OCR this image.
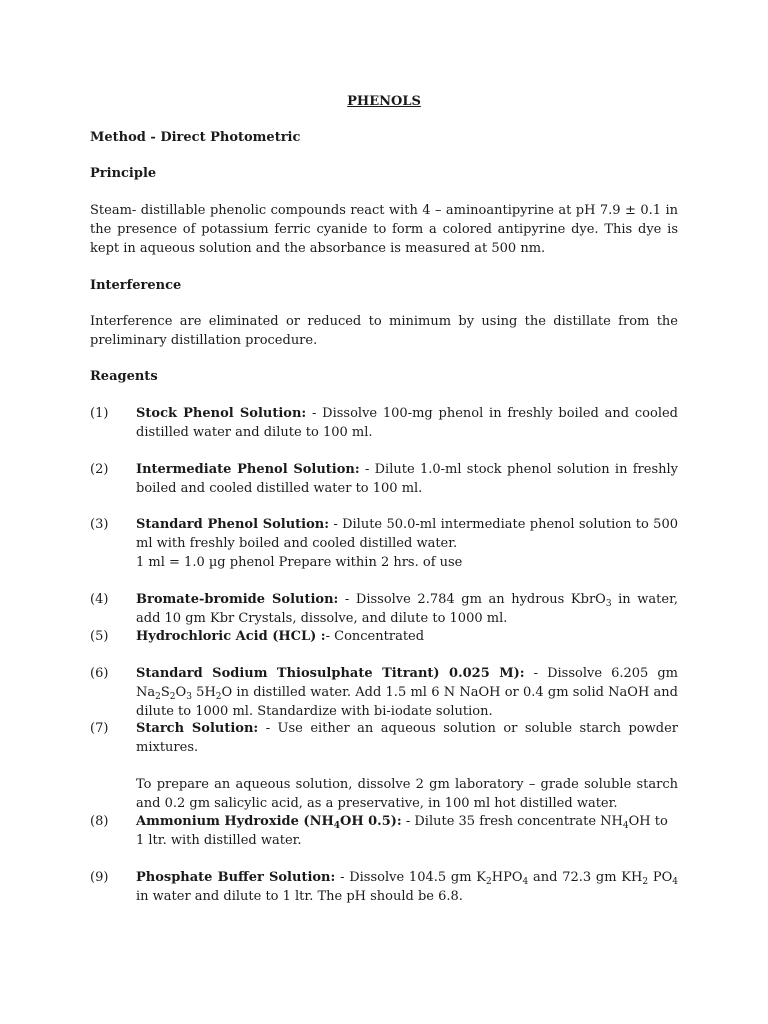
PHENOLS

Method - Direct Photometric

Principle

Steam- distillable phenolic compounds react with 4 – aminoantipyrine at pH 7.9 ± 0.1 in the presence of potassium ferric cyanide to form a colored antipyrine dye. This dye is kept in aqueous solution and the absorbance is measured at 500 nm.

Interference

Interference are eliminated or reduced to minimum by using the distillate from the preliminary distillation procedure.

Reagents

(1) Stock Phenol Solution: - Dissolve 100-mg phenol in freshly boiled and cooled distilled water and dilute to 100 ml.

(2) Intermediate Phenol Solution: - Dilute 1.0-ml stock phenol solution in freshly boiled and cooled distilled water to 100 ml.

(3) Standard Phenol Solution: - Dilute 50.0-ml intermediate phenol solution to 500 ml with freshly boiled and cooled distilled water.

1 ml = 1.0 µg phenol Prepare within 2 hrs. of use

(4) Bromate-bromide Solution: - Dissolve 2.784 gm an hydrous KbrO$_3$ in water, add 10 gm Kbr Crystals, dissolve, and dilute to 1000 ml.

(5) Hydrochloric Acid (HCL) :- Concentrated

(6) Standard Sodium Thiosulphate Titrant) 0.025 M): - Dissolve 6.205 gm $Na_2S_2O_3$ $5H_2O$ in distilled water. Add 1.5 ml 6 N NaOH or 0.4 gm solid NaOH and dilute to 1000 ml. Standardize with bi-iodate solution.

(7) Starch Solution: - Use either an aqueous solution or soluble starch powder mixtures.

To prepare an aqueous solution, dissolve 2 gm laboratory – grade soluble starch and 0.2 gm salicylic acid, as a preservative, in 100 ml hot distilled water.

(8) Ammonium Hydroxide ($NH_4OH$ 0.5): - Dilute 35 fresh concentrate $NH_4OH$ to 1 ltr. with distilled water.

(9) Phosphate Buffer Solution: - Dissolve 104.5 gm $K_2HPO_4$ and 72.3 gm $KH_2$ $PO_4$ in water and dilute to 1 ltr. The pH should be 6.8.
